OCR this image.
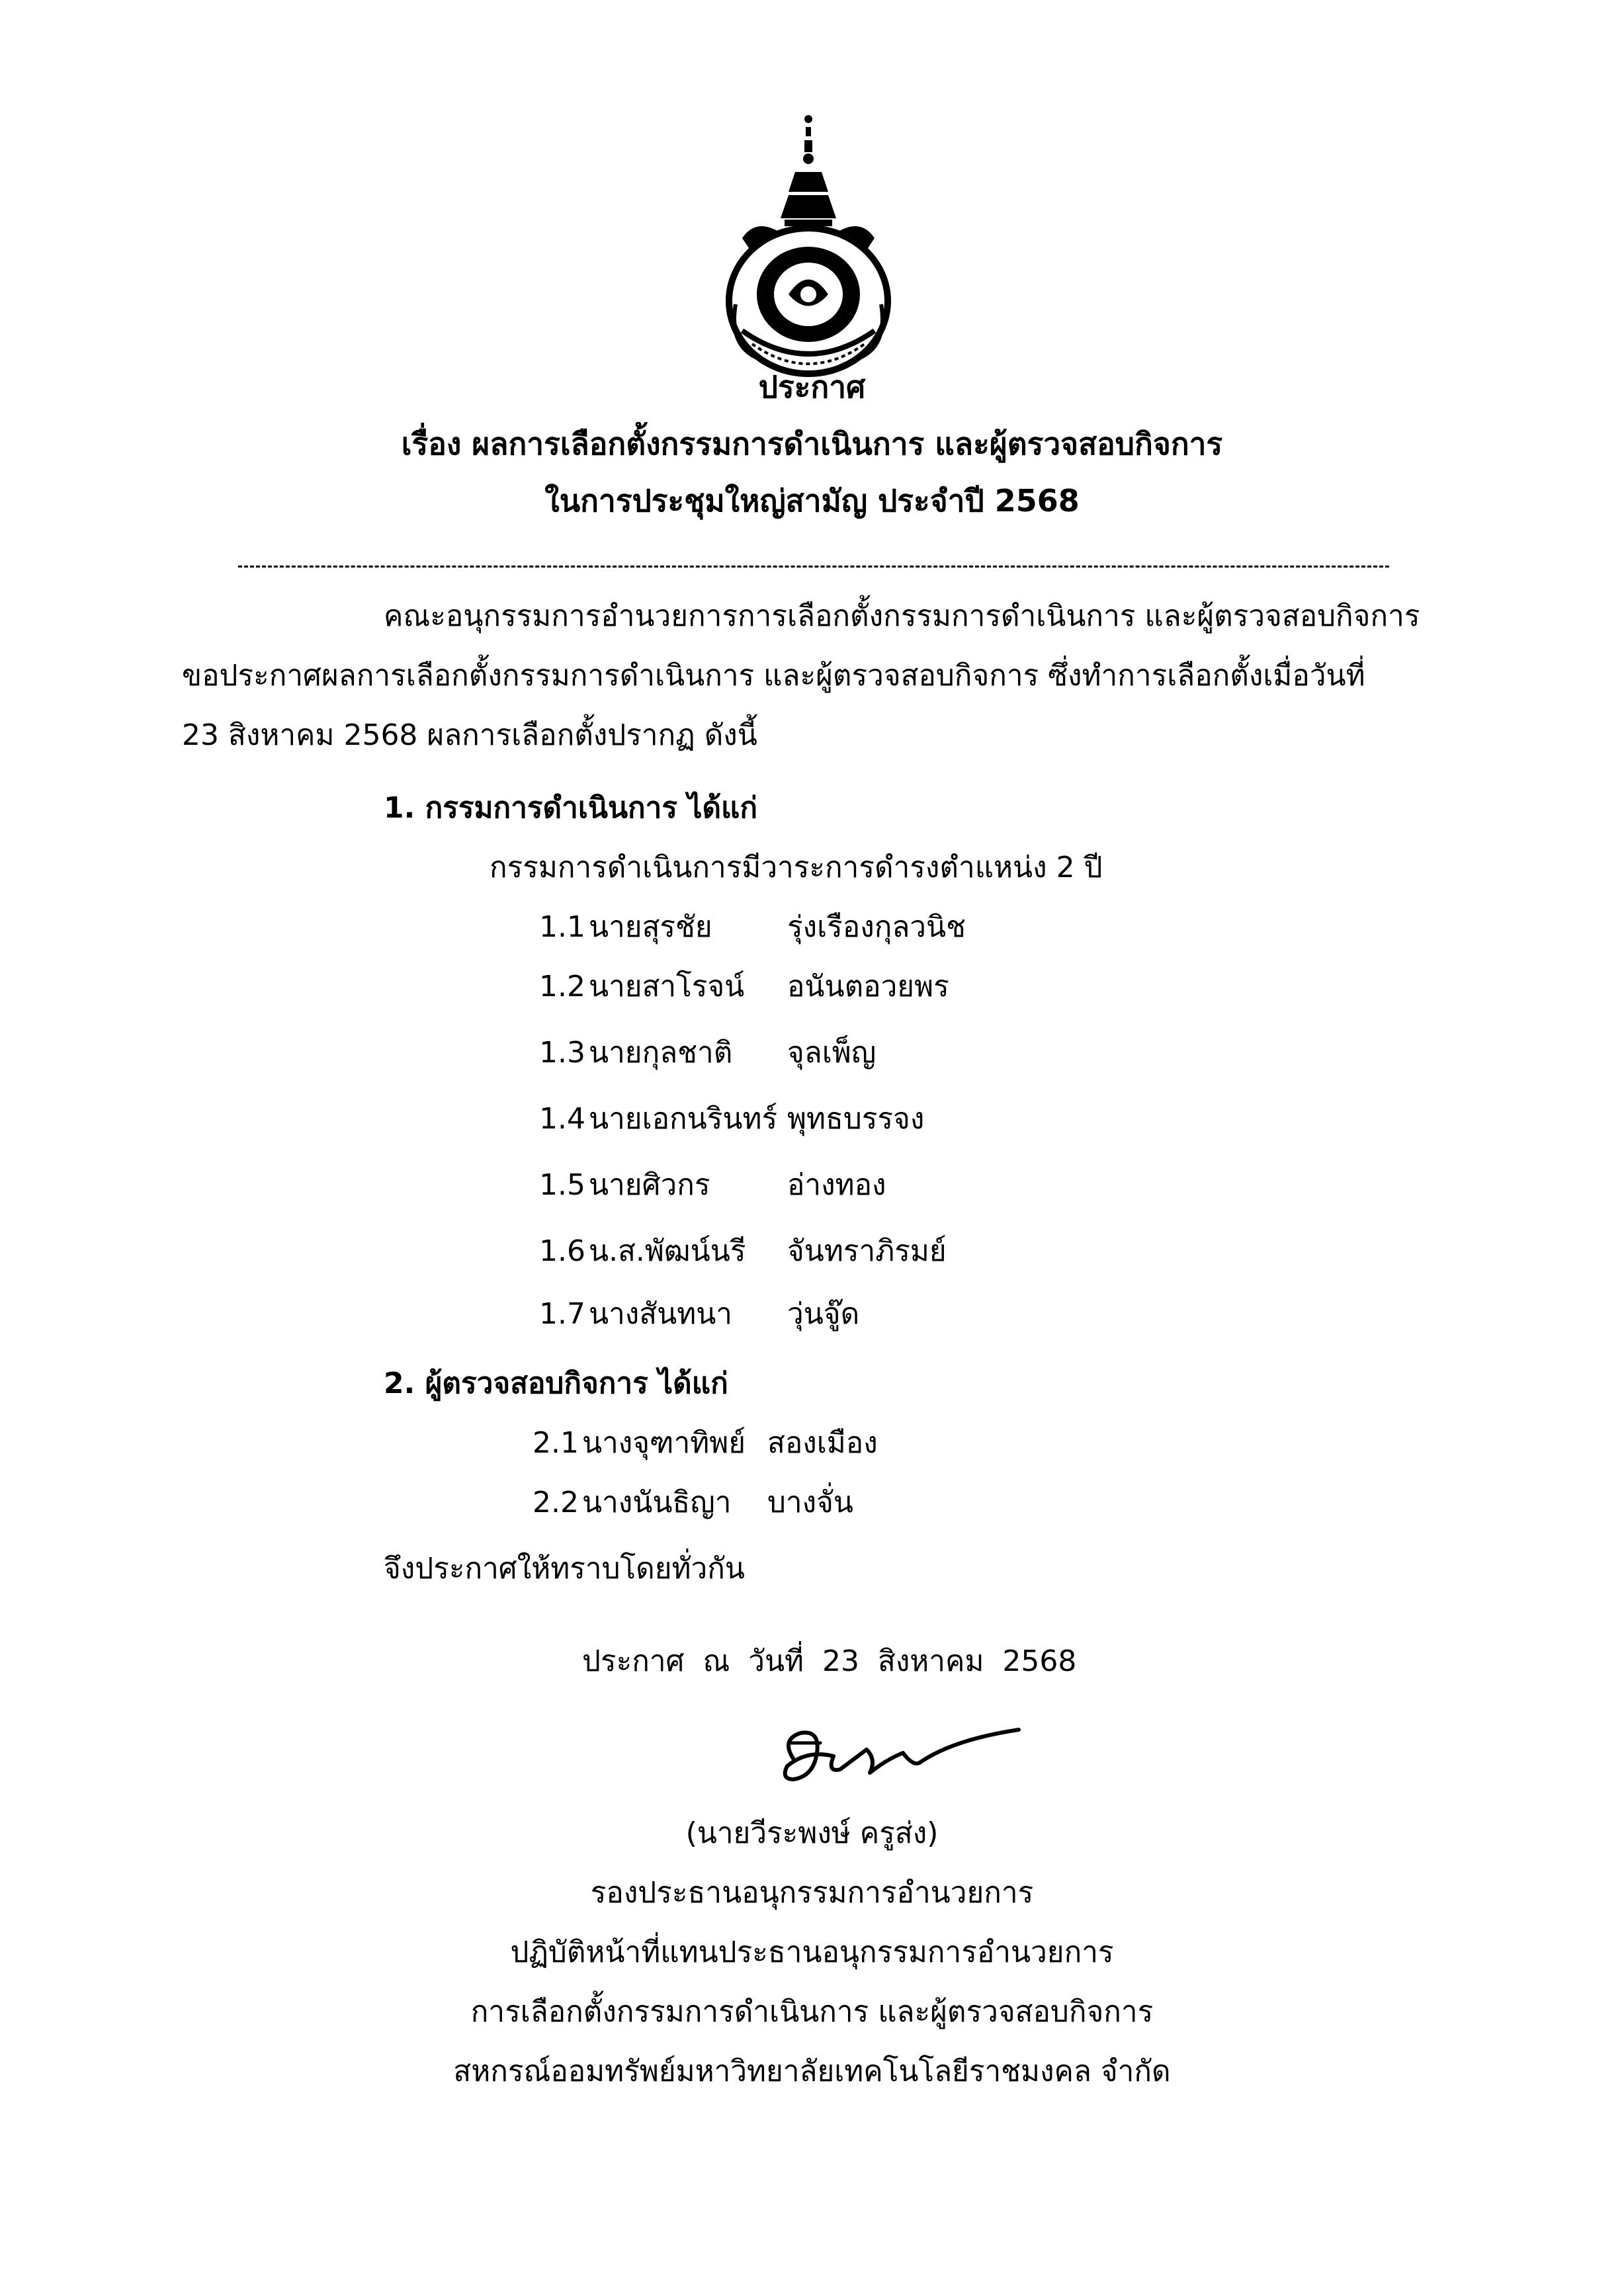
ประกาศ
เรื่อง ผลการเลือกตั้งกรรมการดำเนินการ และผู้ตรวจสอบกิจการ
ในการประชุมใหญ่สามัญ ประจำปี 2568
คณะอนุกรรมการอำนวยการการเลือกตั้งกรรมการดำเนินการ และผู้ตรวจสอบกิจการ
ขอประกาศผลการเลือกตั้งกรรมการดำเนินการ และผู้ตรวจสอบกิจการ ซึ่งทำการเลือกตั้งเมื่อวันที่
23 สิงหาคม 2568 ผลการเลือกตั้งปรากฏ ดังนี้
1. กรรมการดำเนินการ ได้แก่
กรรมการดำเนินการมีวาระการดำรงตำแหน่ง 2 ปี
1.1 นายสุรชัย	รุ่งเรืองกุลวนิช
1.2 นายสาโรจน์ อนันตอวยพร
1.3 นายกุลชาติ จุลเพ็ญ
1.4 นายเอกนรินทร์ พุทธบรรจง
1.5 นายศิวกร	อ่างทอง
1.6 น.ส.พัฒน์นรี จันทราภิรมย์
1.7 นางสันทนา วุ่นจู๊ด
2. ผู้ตรวจสอบกิจการ ได้แก่
2.1 นางจุฑาทิพย์ สองเมือง
2.2 นางนันธิญา บางจั่น
จึงประกาศให้ทราบโดยทั่วกัน
ประกาศ  ณ  วันที่  23  สิงหาคม  2568
(นายวีระพงษ์ ครูส่ง)
รองประธานอนุกรรมการอำนวยการ
ปฏิบัติหน้าที่แทนประธานอนุกรรมการอำนวยการ
การเลือกตั้งกรรมการดำเนินการ และผู้ตรวจสอบกิจการ
สหกรณ์ออมทรัพย์มหาวิทยาลัยเทคโนโลยีราชมงคล จำกัด
